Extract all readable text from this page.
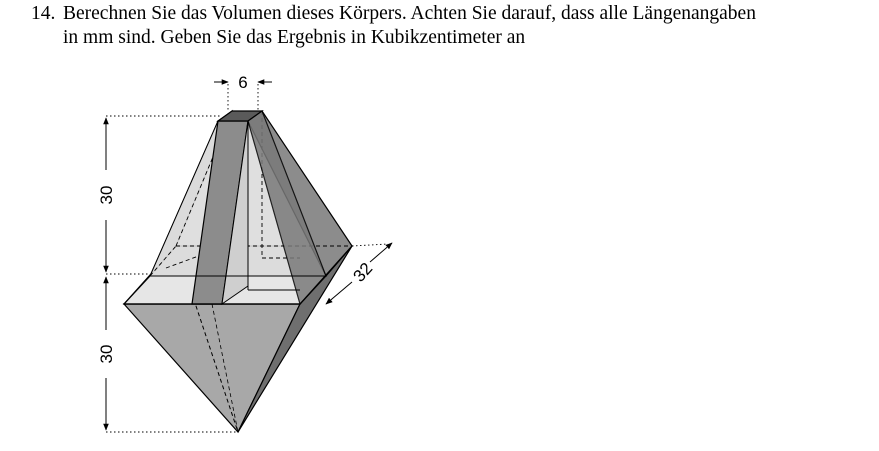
14. Berechnen Sie das Volumen dieses Körpers. Achten Sie darauf, dass alle Längenangaben
in mm sind. Geben Sie das Ergebnis in Kubikzentimeter an
6
30
30
32
